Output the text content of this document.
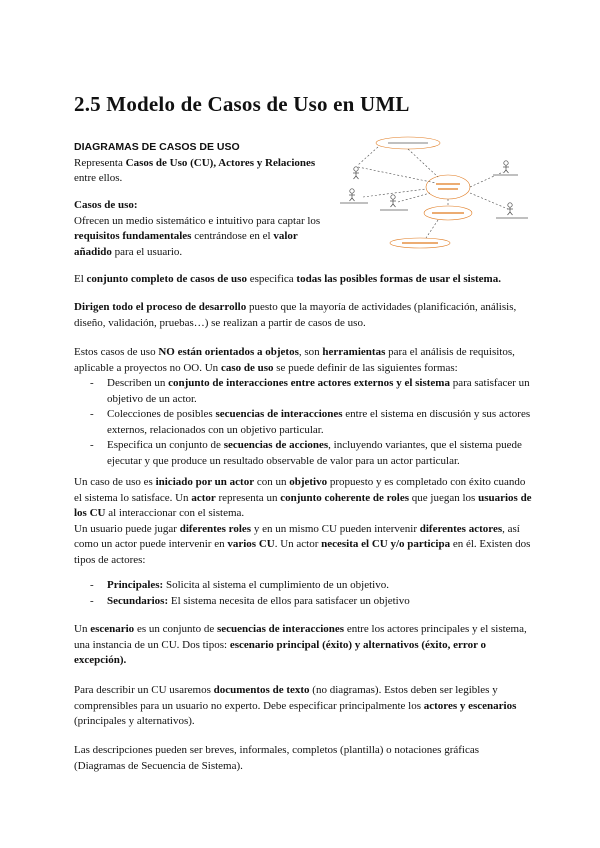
2.5 Modelo de Casos de Uso en UML
DIAGRAMAS DE CASOS DE USO
Representa Casos de Uso (CU), Actores y Relaciones entre ellos.
Casos de uso:
Ofrecen un medio sistemático e intuitivo para captar los requisitos fundamentales centrándose en el valor añadido para el usuario.
El conjunto completo de casos de uso especifica todas las posibles formas de usar el sistema.
Dirigen todo el proceso de desarrollo puesto que la mayoría de actividades (planificación, análisis, diseño, validación, pruebas…) se realizan a partir de casos de uso.
Estos casos de uso NO están orientados a objetos, son herramientas para el análisis de requisitos, aplicable a proyectos no OO. Un caso de uso se puede definir de las siguientes formas:
- Describen un conjunto de interacciones entre actores externos y el sistema para satisfacer un objetivo de un actor.
- Colecciones de posibles secuencias de interacciones entre el sistema en discusión y sus actores externos, relacionados con un objetivo particular.
- Especifica un conjunto de secuencias de acciones, incluyendo variantes, que el sistema puede ejecutar y que produce un resultado observable de valor para un actor particular.
Un caso de uso es iniciado por un actor con un objetivo propuesto y es completado con éxito cuando el sistema lo satisface. Un actor representa un conjunto coherente de roles que juegan los usuarios de los CU al interaccionar con el sistema.
Un usuario puede jugar diferentes roles y en un mismo CU pueden intervenir diferentes actores, así como un actor puede intervenir en varios CU. Un actor necesita el CU y/o participa en él. Existen dos tipos de actores:
- Principales: Solicita al sistema el cumplimiento de un objetivo.
- Secundarios: El sistema necesita de ellos para satisfacer un objetivo
Un escenario es un conjunto de secuencias de interacciones entre los actores principales y el sistema, una instancia de un CU. Dos tipos: escenario principal (éxito) y alternativos (éxito, error o excepción).
Para describir un CU usaremos documentos de texto (no diagramas). Estos deben ser legibles y comprensibles para un usuario no experto. Debe especificar principalmente los actores y escenarios (principales y alternativos).
Las descripciones pueden ser breves, informales, completos (plantilla) o notaciones gráficas (Diagramas de Secuencia de Sistema).
